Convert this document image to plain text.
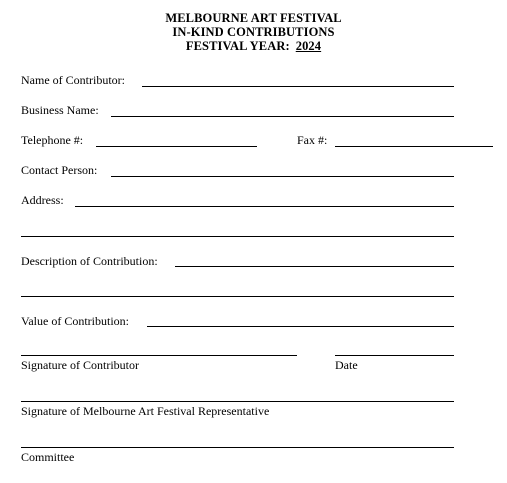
MELBOURNE ART FESTIVAL
IN-KIND CONTRIBUTIONS
FESTIVAL YEAR: 2024
Name of Contributor:
Business Name:
Telephone #:	Fax #:
Contact Person:
Address:
Description of Contribution:
Value of Contribution:
Signature of Contributor	Date
Signature of Melbourne Art Festival Representative
Committee
